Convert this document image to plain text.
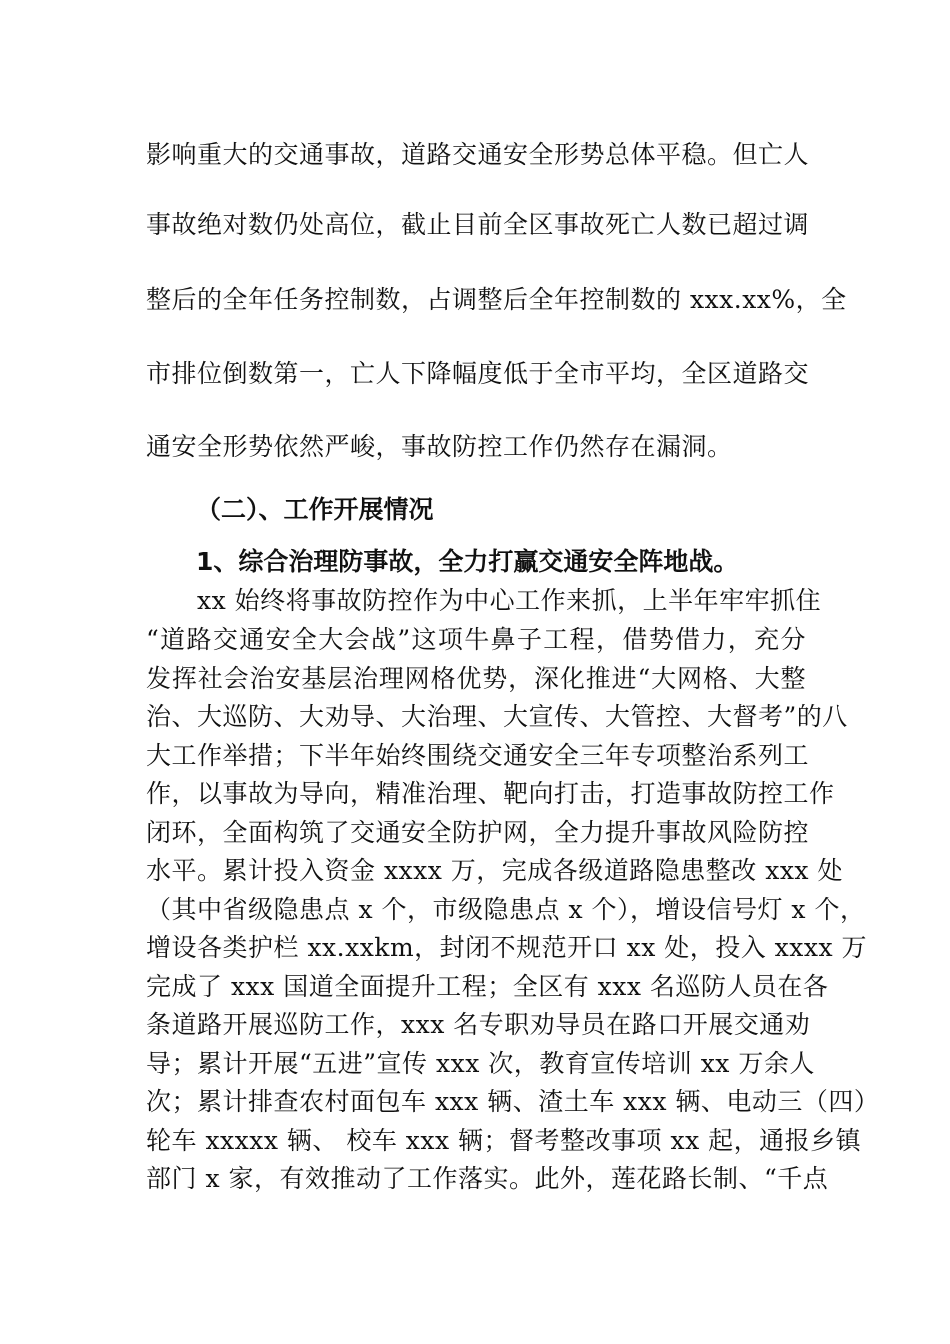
影响重大的交通事故，道路交通安全形势总体平稳。但亡人
事故绝对数仍处高位，截止目前全区事故死亡人数已超过调
整后的全年任务控制数，占调整后全年控制数的 xxx.xx%，全
市排位倒数第一，亡人下降幅度低于全市平均，全区道路交
通安全形势依然严峻，事故防控工作仍然存在漏洞。
（二）、工作开展情况
1、综合治理防事故，全力打赢交通安全阵地战。
　　xx 始终将事故防控作为中心工作来抓，上半年牢牢抓住
“道路交通安全大会战”这项牛鼻子工程，借势借力，充分
发挥社会治安基层治理网格优势，深化推进“大网格、大整
治、大巡防、大劝导、大治理、大宣传、大管控、大督考”的八
大工作举措；下半年始终围绕交通安全三年专项整治系列工
作，以事故为导向，精准治理、靶向打击，打造事故防控工作
闭环，全面构筑了交通安全防护网，全力提升事故风险防控
水平。累计投入资金 xxxx 万，完成各级道路隐患整改 xxx 处
（其中省级隐患点 x 个，市级隐患点 x 个），增设信号灯 x 个，
增设各类护栏 xx.xxkm，封闭不规范开口 xx 处，投入 xxxx 万
完成了 xxx 国道全面提升工程；全区有 xxx 名巡防人员在各
条道路开展巡防工作，xxx 名专职劝导员在路口开展交通劝
导；累计开展“五进”宣传 xxx 次，教育宣传培训 xx 万余人
次；累计排查农村面包车 xxx 辆、渣土车 xxx 辆、电动三（四）
轮车 xxxxx 辆、 校车 xxx 辆；督考整改事项 xx 起，通报乡镇
部门 x 家，有效推动了工作落实。此外，莲花路长制、“千点
